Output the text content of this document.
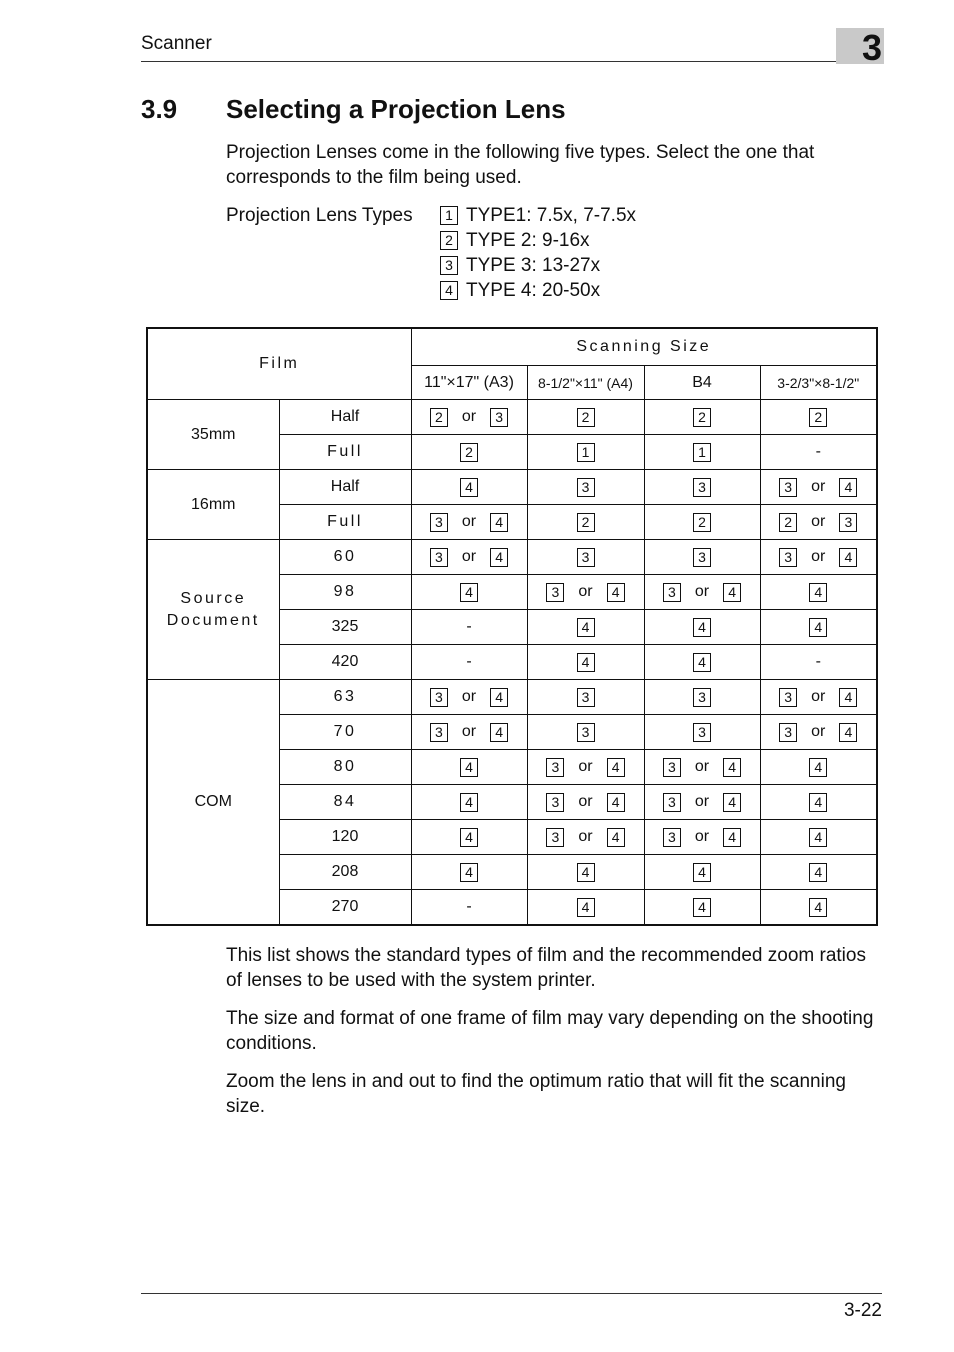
Scanner	3
3.9 Selecting a Projection Lens

Projection Lenses come in the following five types. Select the one that corresponds to the film being used.

Projection Lens Types	1 TYPE1: 7.5x, 7-7.5x
2 TYPE 2: 9-16x
3 TYPE 3: 13-27x
4 TYPE 4: 20-50x
Film		Scanning Size			
		11"×17" (A3)	8-1/2"×11" (A4)	B4	3-2/3"×8-1/2"
35mm	Half	2 or 3	2	2	2
	Full	2	1	1	-
16mm	Half	4	3	3	3 or 4

	Full	3 or 4	2	2	2 or 3

Source Document	60	3 or 4	3	3	3 or 4

	98	4	3 or 4	3 or 4	4
	325	-	4	4	4
	420	-	4	4	-
COM	63	3 or 4	3	3	3 or 4

	70	3 or 4	3	3	3 or 4

	80	4	3 or 4	3 or 4	4
	84	4	3 or 4	3 or 4	4
	120	4	3 or 4	3 or 4	4
	208	4	4	4	4
	270	-	4	4	4

This list shows the standard types of film and the recommended zoom ratios of lenses to be used with the system printer.

The size and format of one frame of film may vary depending on the shooting conditions.

Zoom the lens in and out to find the optimum ratio that will fit the scanning size.

3-22
